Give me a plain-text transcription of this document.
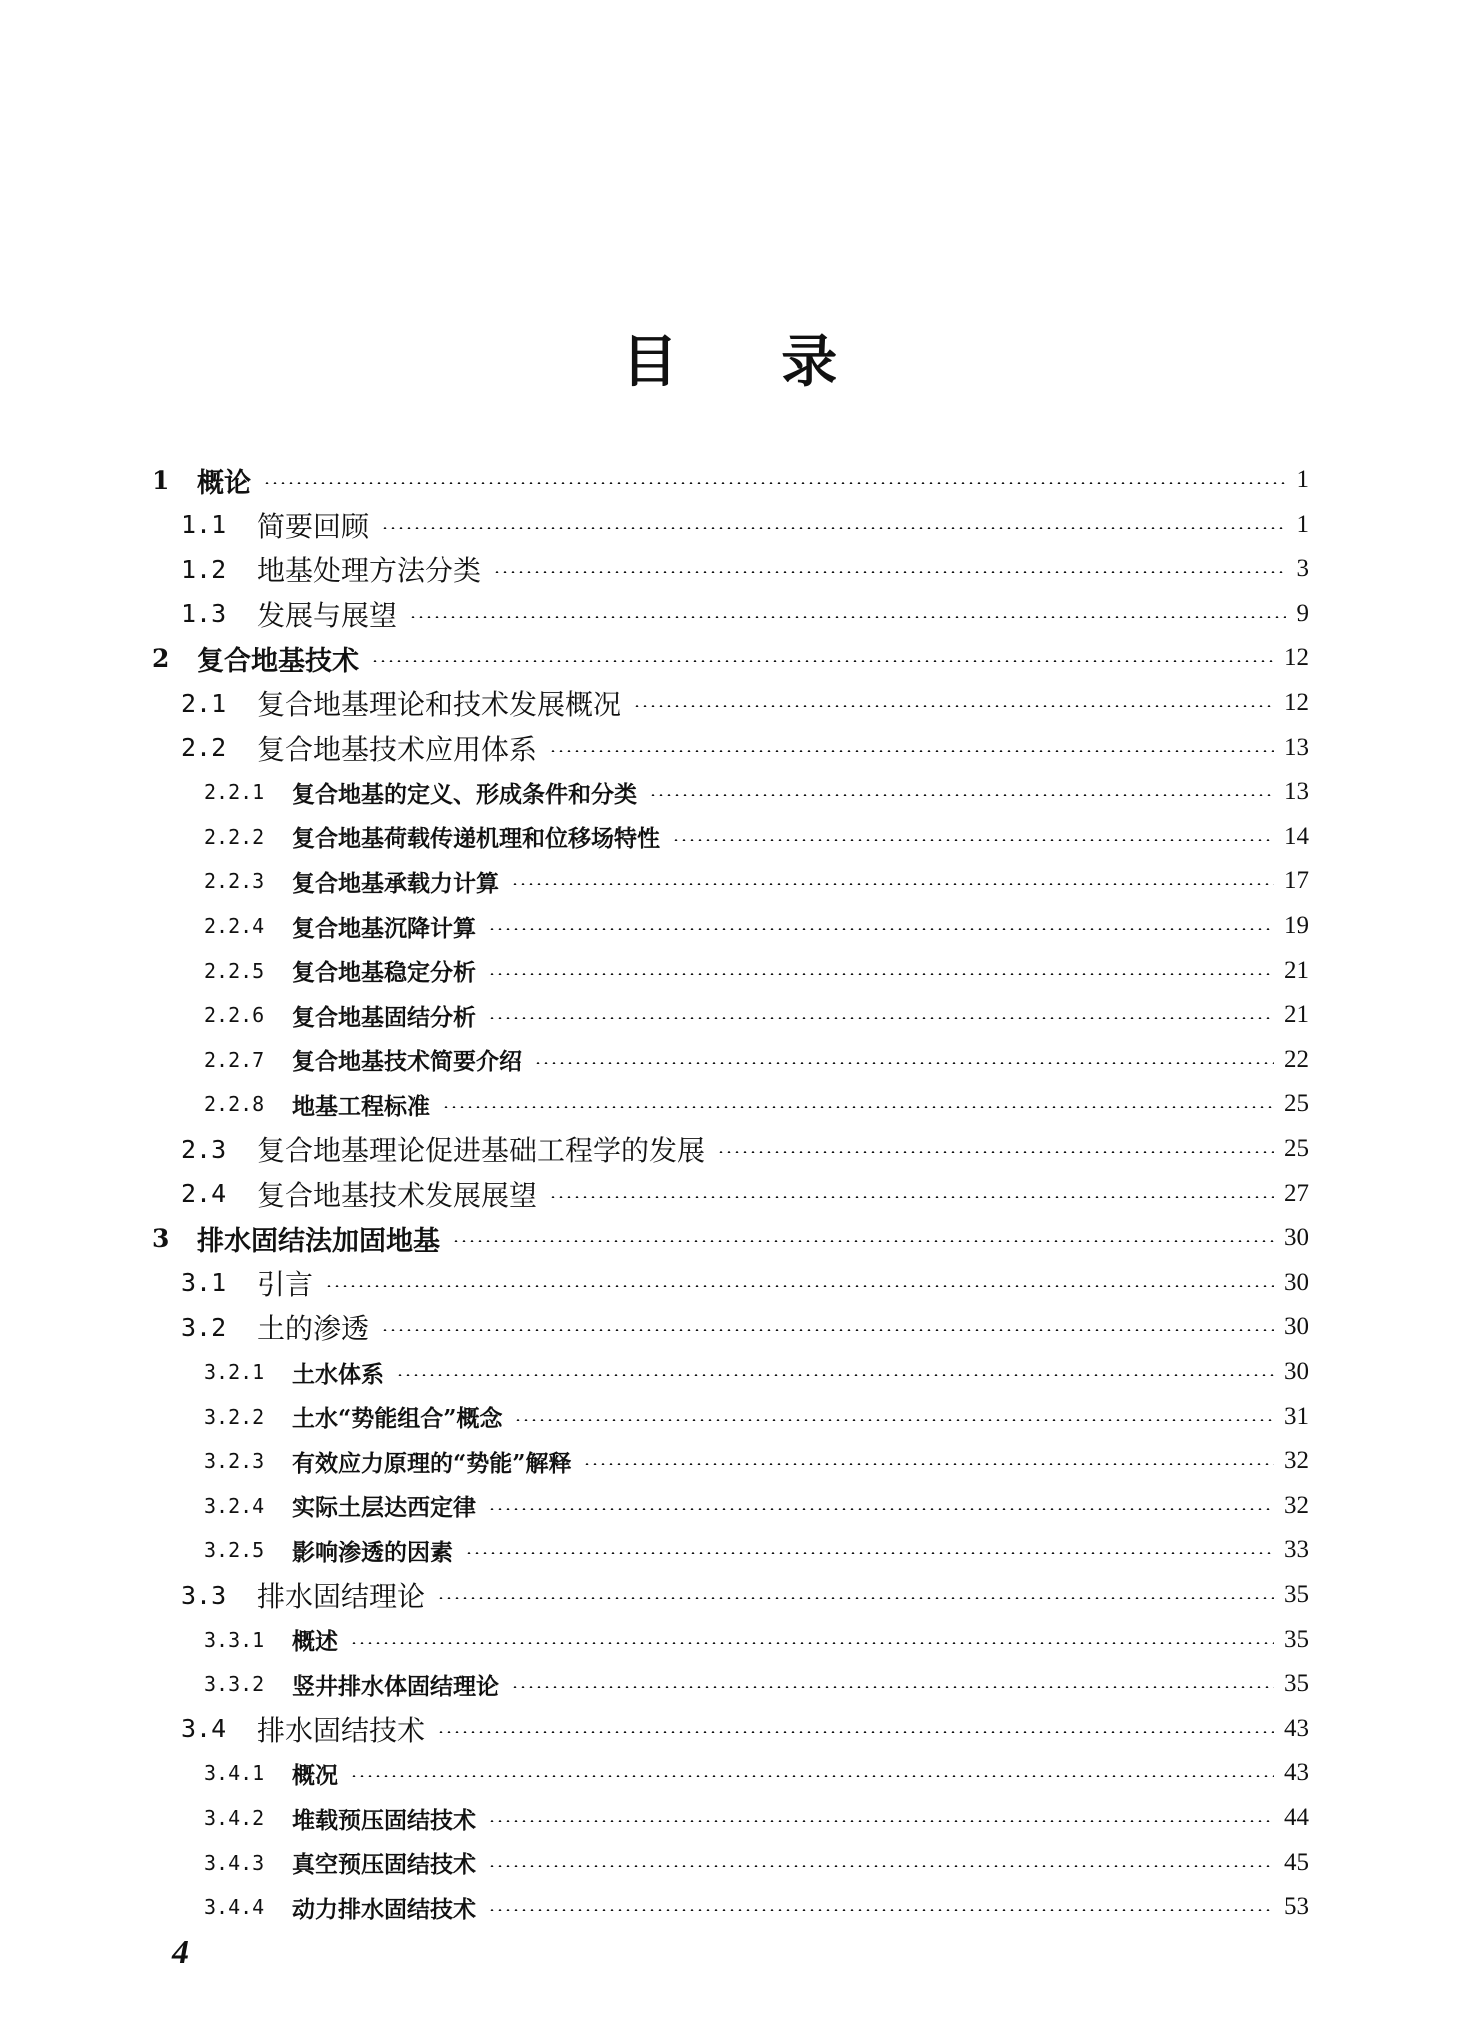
目 录
1 概论	1
1.1 简要回顾	1
1.2 地基处理方法分类	3
1.3 发展与展望	9
2 复合地基技术	12
2.1 复合地基理论和技术发展概况	12
2.2 复合地基技术应用体系	13
2.2.1 复合地基的定义、形成条件和分类	13
2.2.2 复合地基荷载传递机理和位移场特性	14
2.2.3 复合地基承载力计算	17
2.2.4 复合地基沉降计算	19
2.2.5 复合地基稳定分析	21
2.2.6 复合地基固结分析	21
2.2.7 复合地基技术简要介绍	22
2.2.8 地基工程标准	25
2.3 复合地基理论促进基础工程学的发展	25
2.4 复合地基技术发展展望	27
3 排水固结法加固地基	30
3.1 引言	30
3.2 土的渗透	30
3.2.1 土水体系	30
3.2.2 土水“势能组合”概念	31
3.2.3 有效应力原理的“势能”解释	32
3.2.4 实际土层达西定律	32
3.2.5 影响渗透的因素	33
3.3 排水固结理论	35
3.3.1 概述	35
3.3.2 竖井排水体固结理论	35
3.4 排水固结技术	43
3.4.1 概况	43
3.4.2 堆载预压固结技术	44
3.4.3 真空预压固结技术	45
3.4.4 动力排水固结技术	53
4
